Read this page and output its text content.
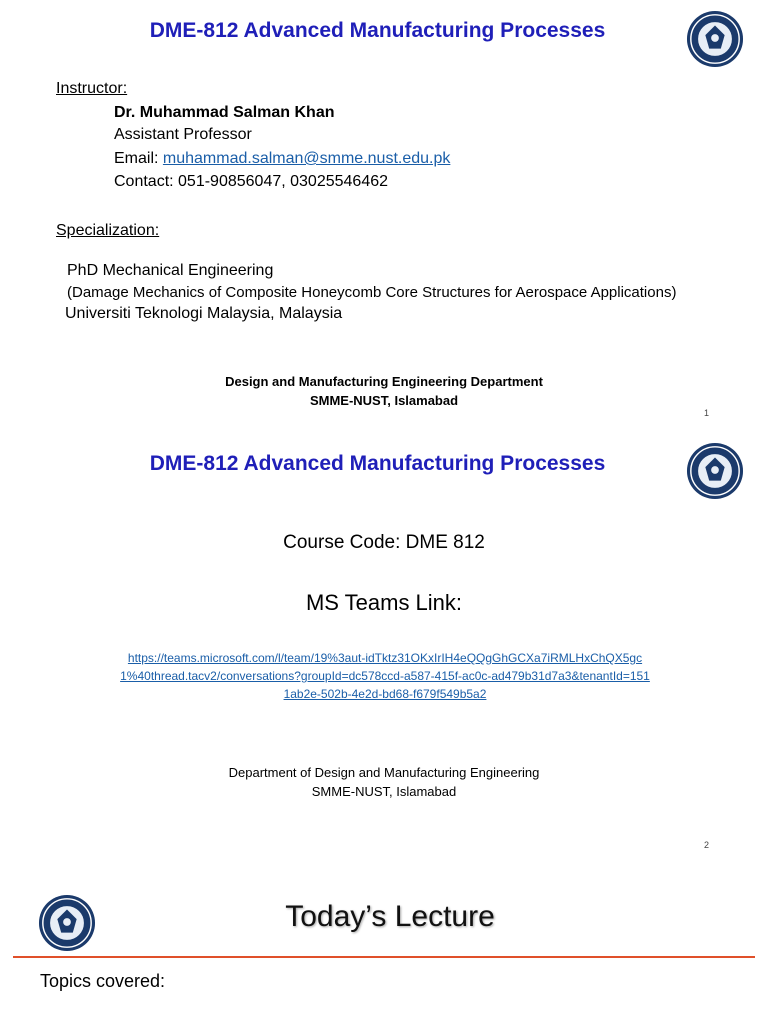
DME-812 Advanced Manufacturing Processes
Instructor:
Dr. Muhammad Salman Khan
Assistant Professor
Email: muhammad.salman@smme.nust.edu.pk
Contact: 051-90856047, 03025546462
Specialization:
PhD Mechanical Engineering
(Damage Mechanics of Composite Honeycomb Core Structures for Aerospace Applications)
Universiti Teknologi Malaysia, Malaysia
Design and Manufacturing Engineering Department
SMME-NUST, Islamabad
1
DME-812 Advanced Manufacturing Processes
Course Code: DME 812
MS Teams Link:
https://teams.microsoft.com/l/team/19%3aut-idTktz31OKxIrIH4eQQgGhGCXa7iRMLHxChQX5gc1%40thread.tacv2/conversations?groupId=dc578ccd-a587-415f-ac0c-ad479b31d7a3&tenantId=1511ab2e-502b-4e2d-bd68-f679f549b5a2
Department of Design and Manufacturing Engineering
SMME-NUST, Islamabad
2
Today’s Lecture
Topics covered:
